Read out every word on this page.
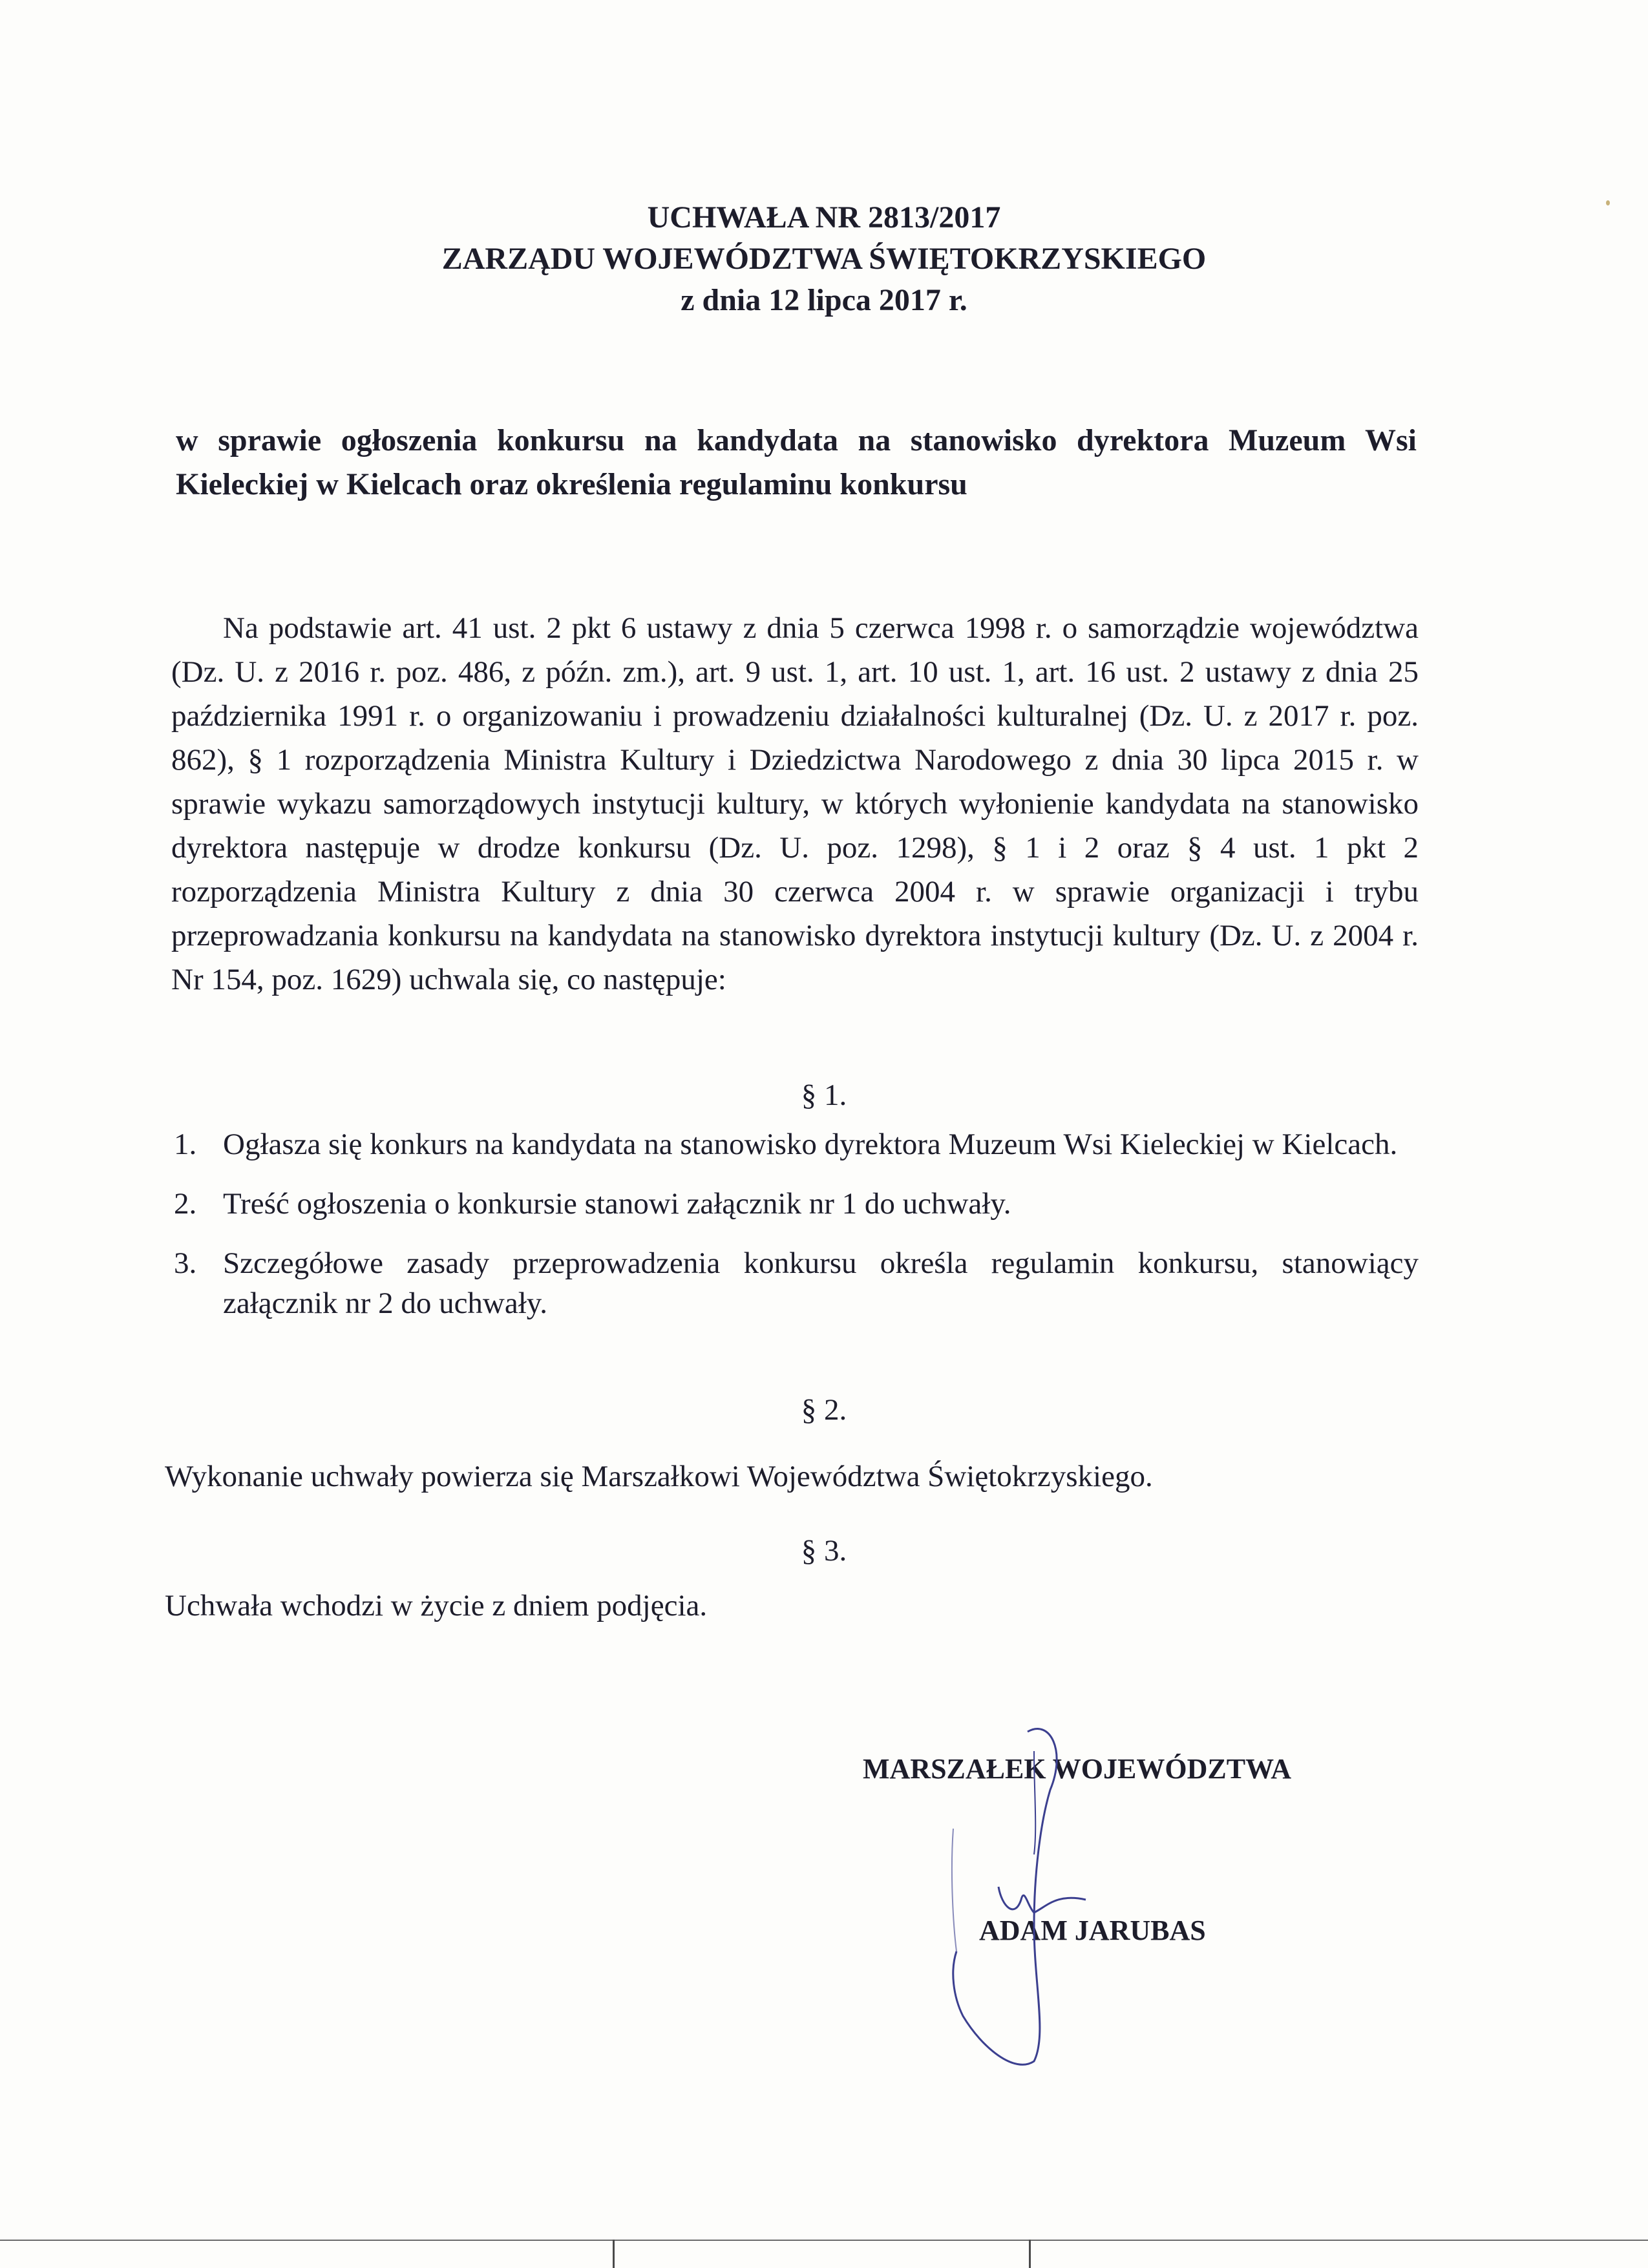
UCHWAŁA NR 2813/2017
ZARZĄDU WOJEWÓDZTWA ŚWIĘTOKRZYSKIEGO
z dnia 12 lipca 2017 r.
w sprawie ogłoszenia konkursu na kandydata na stanowisko dyrektora Muzeum Wsi Kieleckiej w Kielcach oraz określenia regulaminu konkursu
Na podstawie art. 41 ust. 2 pkt 6 ustawy z dnia 5 czerwca 1998 r. o samorządzie województwa (Dz. U. z 2016 r. poz. 486, z późn. zm.), art. 9 ust. 1, art. 10 ust. 1, art. 16 ust. 2 ustawy z dnia 25 października 1991 r. o organizowaniu i prowadzeniu działalności kulturalnej (Dz. U. z 2017 r. poz. 862), § 1 rozporządzenia Ministra Kultury i Dziedzictwa Narodowego z dnia 30 lipca 2015 r. w sprawie wykazu samorządowych instytucji kultury, w których wyłonienie kandydata na stanowisko dyrektora następuje w drodze konkursu (Dz. U. poz. 1298), § 1 i 2 oraz § 4 ust. 1 pkt 2 rozporządzenia Ministra Kultury z dnia 30 czerwca 2004 r. w sprawie organizacji i trybu przeprowadzania konkursu na kandydata na stanowisko dyrektora instytucji kultury (Dz. U. z 2004 r. Nr 154, poz. 1629) uchwala się, co następuje:
§ 1.
1. Ogłasza się konkurs na kandydata na stanowisko dyrektora Muzeum Wsi Kieleckiej w Kielcach.
2. Treść ogłoszenia o konkursie stanowi załącznik nr 1 do uchwały.
3. Szczegółowe zasady przeprowadzenia konkursu określa regulamin konkursu, stanowiący załącznik nr 2 do uchwały.
§ 2.
Wykonanie uchwały powierza się Marszałkowi Województwa Świętokrzyskiego.
§ 3.
Uchwała wchodzi w życie z dniem podjęcia.
MARSZAŁEK WOJEWÓDZTWA
ADAM JARUBAS
